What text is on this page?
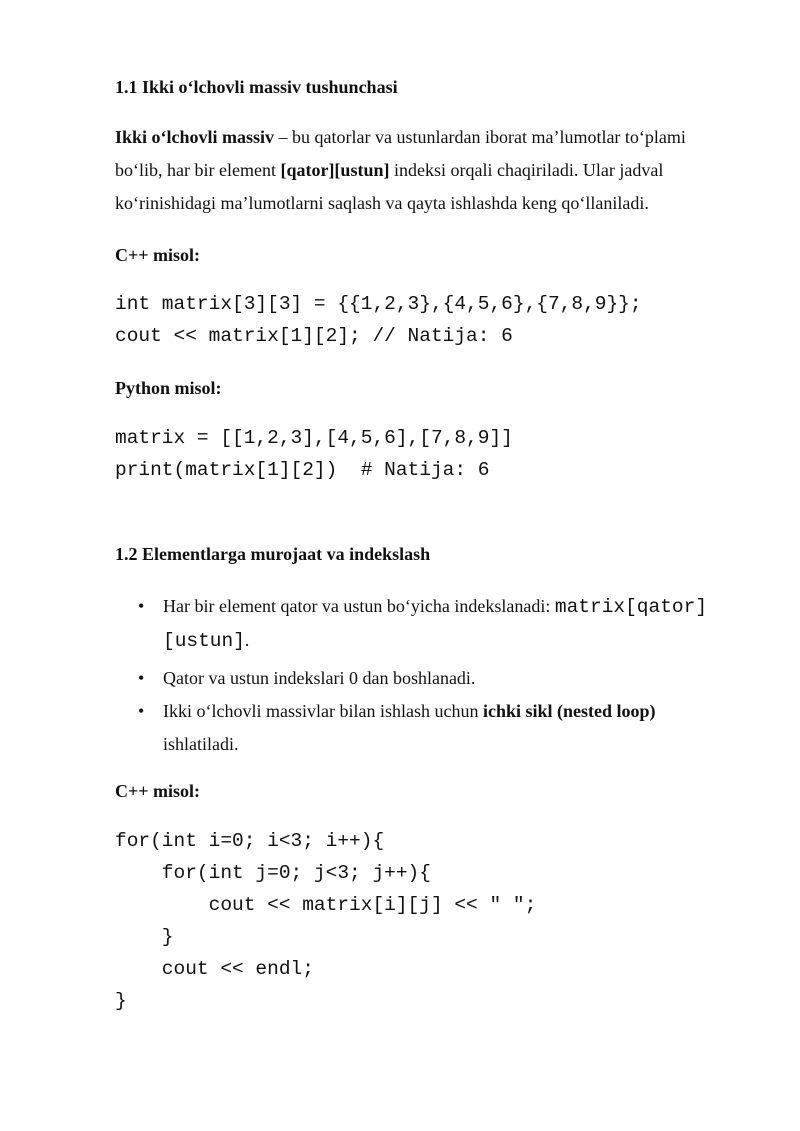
1.1 Ikki o‘lchovli massiv tushunchasi

Ikki o‘lchovli massiv – bu qatorlar va ustunlardan iborat ma’lumotlar to‘plami bo‘lib, har bir element [qator][ustun] indeksi orqali chaqiriladi. Ular jadval ko‘rinishidagi ma’lumotlarni saqlash va qayta ishlashda keng qo‘llaniladi.

C++ misol:

int matrix[3][3] = {{1,2,3},{4,5,6},{7,8,9}};
cout << matrix[1][2]; // Natija: 6

Python misol:

matrix = [[1,2,3],[4,5,6],[7,8,9]]
print(matrix[1][2])  # Natija: 6

1.2 Elementlarga murojaat va indekslash

• Har bir element qator va ustun bo‘yicha indekslanadi: matrix[qator][ustun].
• Qator va ustun indekslari 0 dan boshlanadi.
• Ikki o‘lchovli massivlar bilan ishlash uchun ichki sikl (nested loop) ishlatiladi.

C++ misol:

for(int i=0; i<3; i++){
for(int j=0; j<3; j++){
cout << matrix[i][j] << " ";
}
cout << endl;
}
